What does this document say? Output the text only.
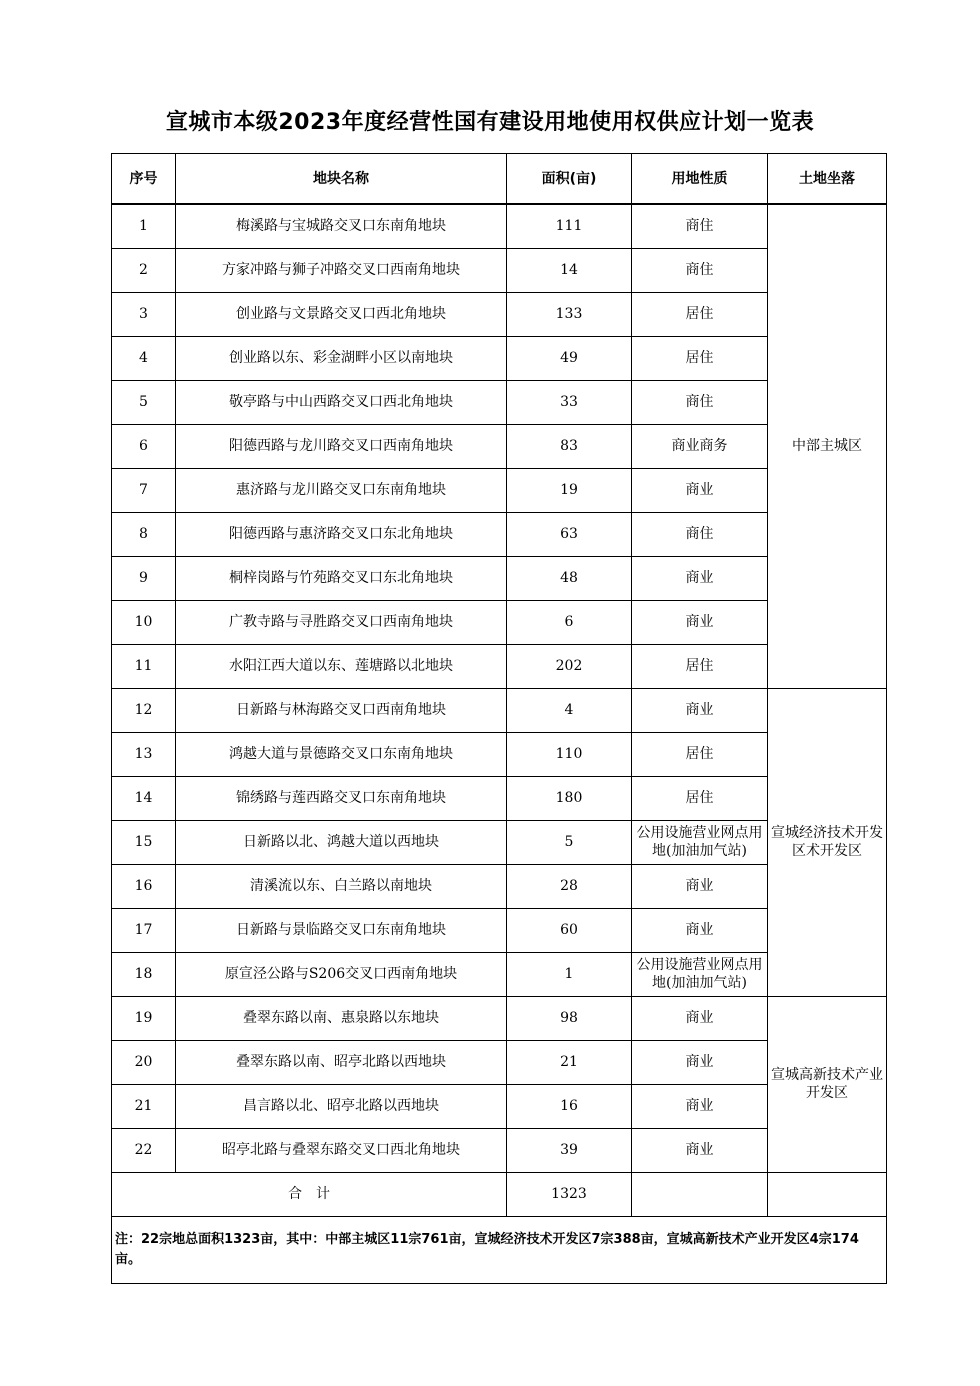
宣城市本级2023年度经营性国有建设用地使用权供应计划一览表
序号	地块名称	面积(亩)	用地性质	土地坐落
1	梅溪路与宝城路交叉口东南角地块	111	商住	中部主城区
2	方家冲路与狮子冲路交叉口西南角地块	14	商住	
3	创业路与文景路交叉口西北角地块	133	居住	
4	创业路以东、彩金湖畔小区以南地块	49	居住	
5	敬亭路与中山西路交叉口西北角地块	33	商住	
6	阳德西路与龙川路交叉口西南角地块	83	商业商务	
7	惠济路与龙川路交叉口东南角地块	19	商业	
8	阳德西路与惠济路交叉口东北角地块	63	商住	
9	桐梓岗路与竹苑路交叉口东北角地块	48	商业	
10	广教寺路与寻胜路交叉口西南角地块	6	商业	
11	水阳江西大道以东、莲塘路以北地块	202	居住	
12	日新路与林海路交叉口西南角地块	4	商业	宣城经济技术开发区术开发区
13	鸿越大道与景德路交叉口东南角地块	110	居住	
14	锦绣路与莲西路交叉口东南角地块	180	居住	
15	日新路以北、鸿越大道以西地块	5	公用设施营业网点用地(加油加气站)	
16	清溪流以东、白兰路以南地块	28	商业	
17	日新路与景临路交叉口东南角地块	60	商业	
18	原宣泾公路与S206交叉口西南角地块	1	公用设施营业网点用地(加油加气站)	
19	叠翠东路以南、惠泉路以东地块	98	商业	宣城高新技术产业开发区
20	叠翠东路以南、昭亭北路以西地块	21	商业	
21	昌言路以北、昭亭北路以西地块	16	商业	
22	昭亭北路与叠翠东路交叉口西北角地块	39	商业	
合　计		1323		
注：22宗地总面积1323亩，其中：中部主城区11宗761亩，宣城经济技术开发区7宗388亩，宣城高新技术产业开发区4宗174亩。				
